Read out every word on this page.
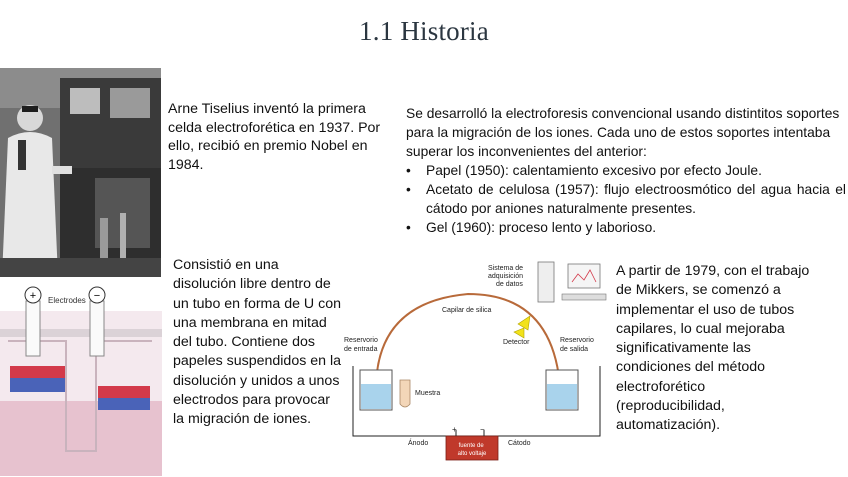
1.1 Historia

Arne Tiselius inventó la primera celda electroforética en 1937. Por ello, recibió en premio Nobel en 1984.

Se desarrolló la electroforesis convencional usando distintitos soportes para la migración de los iones. Cada uno de estos soportes intentaba superar los inconvenientes del anterior:
• Papel (1950): calentamiento excesivo por efecto Joule.
• Acetato de celulosa (1957): flujo electroosmótico del agua hacia el cátodo por aniones naturalmente presentes.
• Gel (1960): proceso lento y laborioso.
+	−
Electrodes

Consistió en una disolución libre dentro de un tubo en forma de U con una membrana en mitad del tubo. Contiene dos papeles suspendidos en la disolución y unidos a unos electrodos para provocar la migración de iones.

Sistema de adquisición de datos
Capilar de silica
Reservorio de entrada
Reservorio de salida
Detector
Muestra
Ánodo	Cátodo
+	−
fuente de alto voltaje

A partir de 1979, con el trabajo de Mikkers, se comenzó a implementar el uso de tubos capilares, lo cual mejoraba significativamente las condiciones del método electroforético (reproducibilidad, automatización).
